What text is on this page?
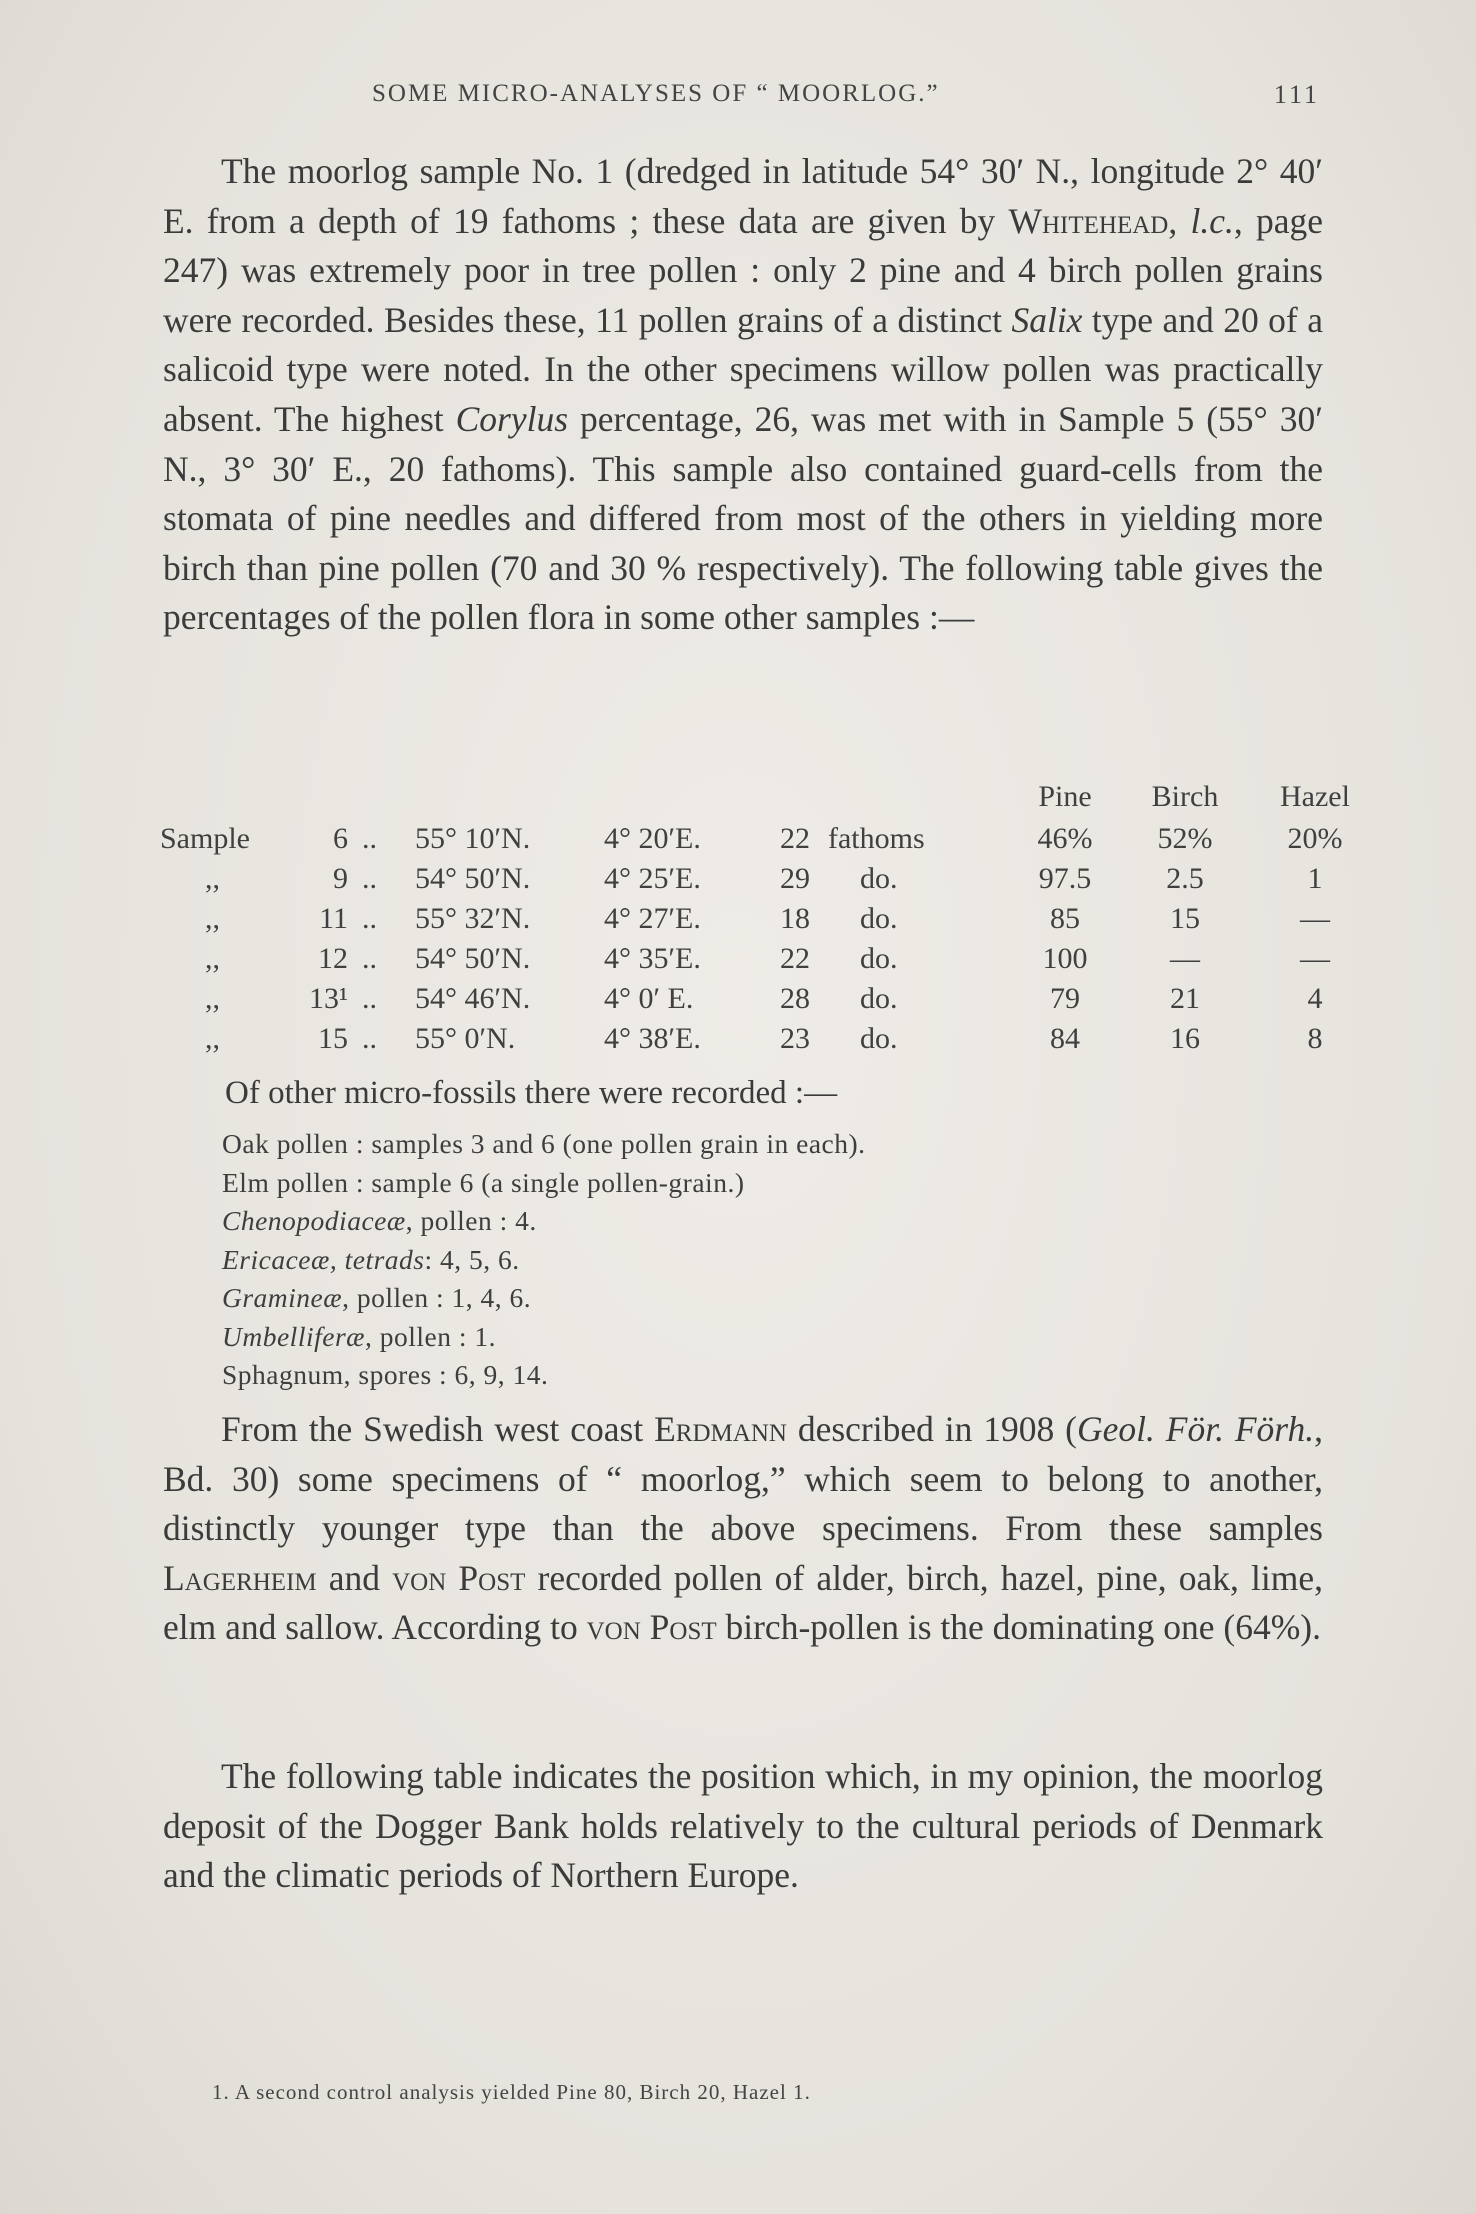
SOME MICRO-ANALYSES OF “ MOORLOG.”	111

The moorlog sample No. 1 (dredged in latitude 54° 30′ N., longitude 2° 40′ E. from a depth of 19 fathoms ; these data are given by Whitehead, l.c., page 247) was extremely poor in tree pollen : only 2 pine and 4 birch pollen grains were recorded. Besides these, 11 pollen grains of a distinct Salix type and 20 of a salicoid type were noted. In the other specimens willow pollen was practically absent. The highest Corylus percentage, 26, was met with in Sample 5 (55° 30′ N., 3° 30′ E., 20 fathoms). This sample also contained guard-cells from the stomata of pine needles and differed from most of the others in yielding more birch than pine pollen (70 and 30 % respectively). The following table gives the percentages of the pollen flora in some other samples :—

Pine	Birch	Hazel
Sample	6 .. 55° 10′N. 4° 20′E.	22 fathoms	46%	52%	20%
,,	9 .. 54° 50′N. 4° 25′E.	29 do.	97.5	2.5	1
,,	11 .. 55° 32′N. 4° 27′E.	18 do.	85	15	—
,,	12 .. 54° 50′N. 4° 35′E.	22 do.	100	—	—
,,	13¹ .. 54° 46′N. 4° 0′ E.	28 do.	79	21	4
,,	15 .. 55° 0′N.	4° 38′E.	23 do.	84	16	8
Of other micro-fossils there were recorded :—
Oak pollen : samples 3 and 6 (one pollen grain in each).
Elm pollen : sample 6 (a single pollen-grain.)
Chenopodiaceæ, pollen : 4.
Ericaceæ, tetrads: 4, 5, 6.
Gramineæ, pollen : 1, 4, 6.
Umbelliferæ, pollen : 1.
Sphagnum, spores : 6, 9, 14.

From the Swedish west coast Erdmann described in 1908 (Geol. För. Förh., Bd. 30) some specimens of “ moorlog,” which seem to belong to another, distinctly younger type than the above specimens. From these samples Lagerheim and von Post recorded pollen of alder, birch, hazel, pine, oak, lime, elm and sallow. According to von Post birch-pollen is the dominating one (64%).

The following table indicates the position which, in my opinion, the moorlog deposit of the Dogger Bank holds relatively to the cultural periods of Denmark and the climatic periods of Northern Europe.

1. A second control analysis yielded Pine 80, Birch 20, Hazel 1.
